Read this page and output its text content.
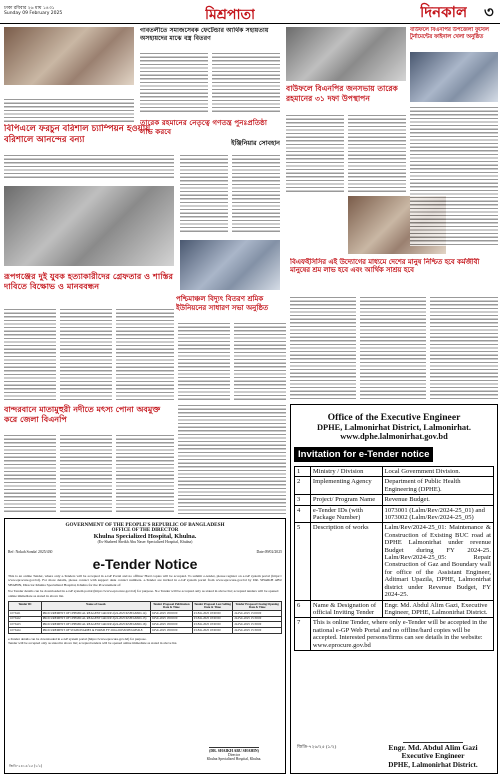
ঢাকা রবিবার ২৬ মাঘ ১৪৩১
Sunday 09 February 2025	মিশ্রপাতা	দিনকাল ৩
বিপিএলে ফরচুন বরিশাল চ্যাম্পিয়ন হওয়ায় বরিশালে আনন্দের বন্যা
রূপগঞ্জের দুই যুবক হত্যাকারীদের গ্রেফতার ও শাস্তির দাবিতে বিক্ষোভ ও মানববন্ধন
গাবতলীতে সমাজসেবক ফেটেন্ডার আর্থিক সহায়তায় অসহায়দের মাঝে বস্ত্র বিতরণ
তারেক রহমানের নেতৃত্বে গণতন্ত্র পুনঃপ্রতিষ্ঠা লাভ করবে
ইঞ্জিনিয়ার সোবহান
পশ্চিমাঞ্চল বিদ্যুৎ বিতরণ শ্রমিক ইউনিয়নের সাধারণ সভা অনুষ্ঠিত
বাউফলে বিএনপির জনসভায় তারেক রহমানের ৩১ দফা উপস্থাপন
বিএফইসিসির এই উদ্যোগের মাধ্যমে দেশের মানুষ নিশ্চিত হবে কর্মজীবী মানুষের শ্রম লাভ হবে এবং আর্থিক সাশ্রয় হবে
বাউফলে বিএনপির উপজেলা ফুটবল টুর্নামেন্টের ফাইনাল খেলা অনুষ্ঠিত
বান্দরবানে মাতামুহুরী নদীতে মৎস্য পোনা অবমুক্ত করে জেলা বিএনপি
GOVERNMENT OF THE PEOPLE'S REPUBLIC OF BANGLADESH
OFFICE OF THE DIRECTOR
Khulna Specialized Hospital, Khulna.
(Ex-Shaheed Sheikh Abu Naser Specialized Hospital, Khulna)
Ref: Nokah Sonda/ 2025/430	Date:09/02/2025
e-Tender Notice
This is an online Tender, where only e-Tenders will be accepted in e-GP Portal and no offline/ Hard copies will be accepted. To submit e-tender, please register on e-GP system portal (https:// www.eprocure.gov.bd). For more details, please contact with support desk contact numbers. e-Tender are invited in e-GP system portal from www.eprocure.gov.bd by DR. SHAIKH ABU SHAHIN, Director Khulna Specialized Hospital, Khulna for the Procurement of:
N.e Tender details can be downloaded in e-GP system portal (https://www.eprocure.gov.bd) for purpose. N.e Tender will be accepted only as stated in above list; accepted tenders will be opened online immediate as stated in above list.
Tender ID	Name of Goods	Tender Proposal Publication Date & Time	Tender Proposal Last Selling Date & Time	Tender Proposal Closing/Opening Date & Time
1073421	PROCUREMENT OF CHEMICAL REAGENT GROUP-2(24-2025/KSH/GMSD-14)	9-Feb-2025 18:00:00	23-Feb-2025 18:00:00	24-Feb-2025 15:00:00
1073422	PROCUREMENT OF CHEMICAL REAGENT GROUP-3(24-2025/KSH/GMSD-15)	9-Feb-2025 18:00:00	23-Feb-2025 18:00:00	24-Feb-2025 15:30:00
1073423	PROCUREMENT OF CHEMICAL REAGENT GROUP-4(24-2025/KSH/GMSD-16)	9-Feb-2025 18:00:00	23-Feb-2025 18:00:00	24-Feb-2025 15:30:00
1073424	PROCUREMENT OF STATIONARIES & FORMS FY 2024-2025/KSH/GMSD-8	9-Feb-2025 18:00:00	23-Feb-2025 18:00:00	24-Feb-2025 15:30:00
e-Tender details can be downloaded in e-GP system portal (https://www.eprocure.gov.bd) for purpose.
Tender will be accepted only as stated in above list; accepted tenders will be opened online immediate as stated in above list.
(DR. SHAIKH ABU SHAHIN)
Director
Khulna Specialized Hospital, Khulna.
জিডি-২৪১৫/২৫ (১/২)
Office of the Executive Engineer
DPHE, Lalmonirhat District, Lalmonirhat.
www.dphe.lalmonirhat.gov.bd
Invitation for e-Tender notice
1	Ministry / Division	Local Government Division.
2	Implementing Agency	Department of Public Health Engineering (DPHE).
3	Project/ Program Name	Revenue Budget.
4	e-Tender IDs (with Package Number)	1073001 (Lalm/Rev/2024-25_01) and 1073002 (Lalm/Rev/2024-25_05)
5	Description of works	Lalm/Rev/2024-25_01: Maintenance & Construction of Existing BUC road at DPHE Lalmonirhat under revenue Budget during FY 2024-25. Lalm/Rev/2024-25_05: Repair Construction of Gaz and Boundary wall for office of the Assistant Engineer, Aditmari Upazila, DPHE, Lalmonirhat district under Revenue Budget, FY 2024-25.
6	Name & Designation of official Inviting Tender	Engr. Md. Abdul Alim Gazi, Executive Engineer, DPHE, Lalmonirhat District.
7	This is online Tender, where only e-Tender will be accepted in the national e-GP Web Portal and no offline/hard copies will be accepted. Interested persons/firms can see details in the website: www.eprocure.gov.bd	
জিডি-৭২৬/২৫ (১/২)	Engr. Md. Abdul Alim Gazi
Executive Engineer
DPHE, Lalmonirhat District.
